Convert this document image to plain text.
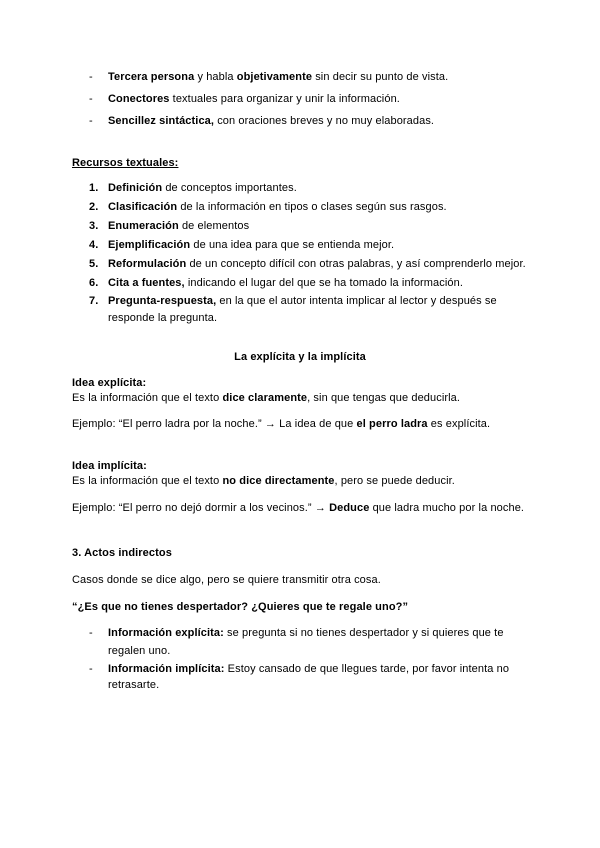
- Tercera persona y habla objetivamente sin decir su punto de vista.
- Conectores textuales para organizar y unir la información.
- Sencillez sintáctica, con oraciones breves y no muy elaboradas.
Recursos textuales:
1. Definición de conceptos importantes.
2. Clasificación de la información en tipos o clases según sus rasgos.
3. Enumeración de elementos
4. Ejemplificación de una idea para que se entienda mejor.
5. Reformulación de un concepto difícil con otras palabras, y así comprenderlo mejor.
6. Cita a fuentes, indicando el lugar del que se ha tomado la información.
7. Pregunta-respuesta, en la que el autor intenta implicar al lector y después se
responde la pregunta.
La explícita y la implícita
Idea explícita:
Es la información que el texto dice claramente, sin que tengas que deducirla.
Ejemplo: “El perro ladra por la noche.” → La idea de que el perro ladra es explícita.
Idea implícita:
Es la información que el texto no dice directamente, pero se puede deducir.
Ejemplo: “El perro no dejó dormir a los vecinos.” → Deduce que ladra mucho por la noche.
3. Actos indirectos
Casos donde se dice algo, pero se quiere transmitir otra cosa.
“¿Es que no tienes despertador? ¿Quieres que te regale uno?”
- Información explícita: se pregunta si no tienes despertador y si quieres que te
regalen uno.
- Información implícita: Estoy cansado de que llegues tarde, por favor intenta no
retrasarte.
